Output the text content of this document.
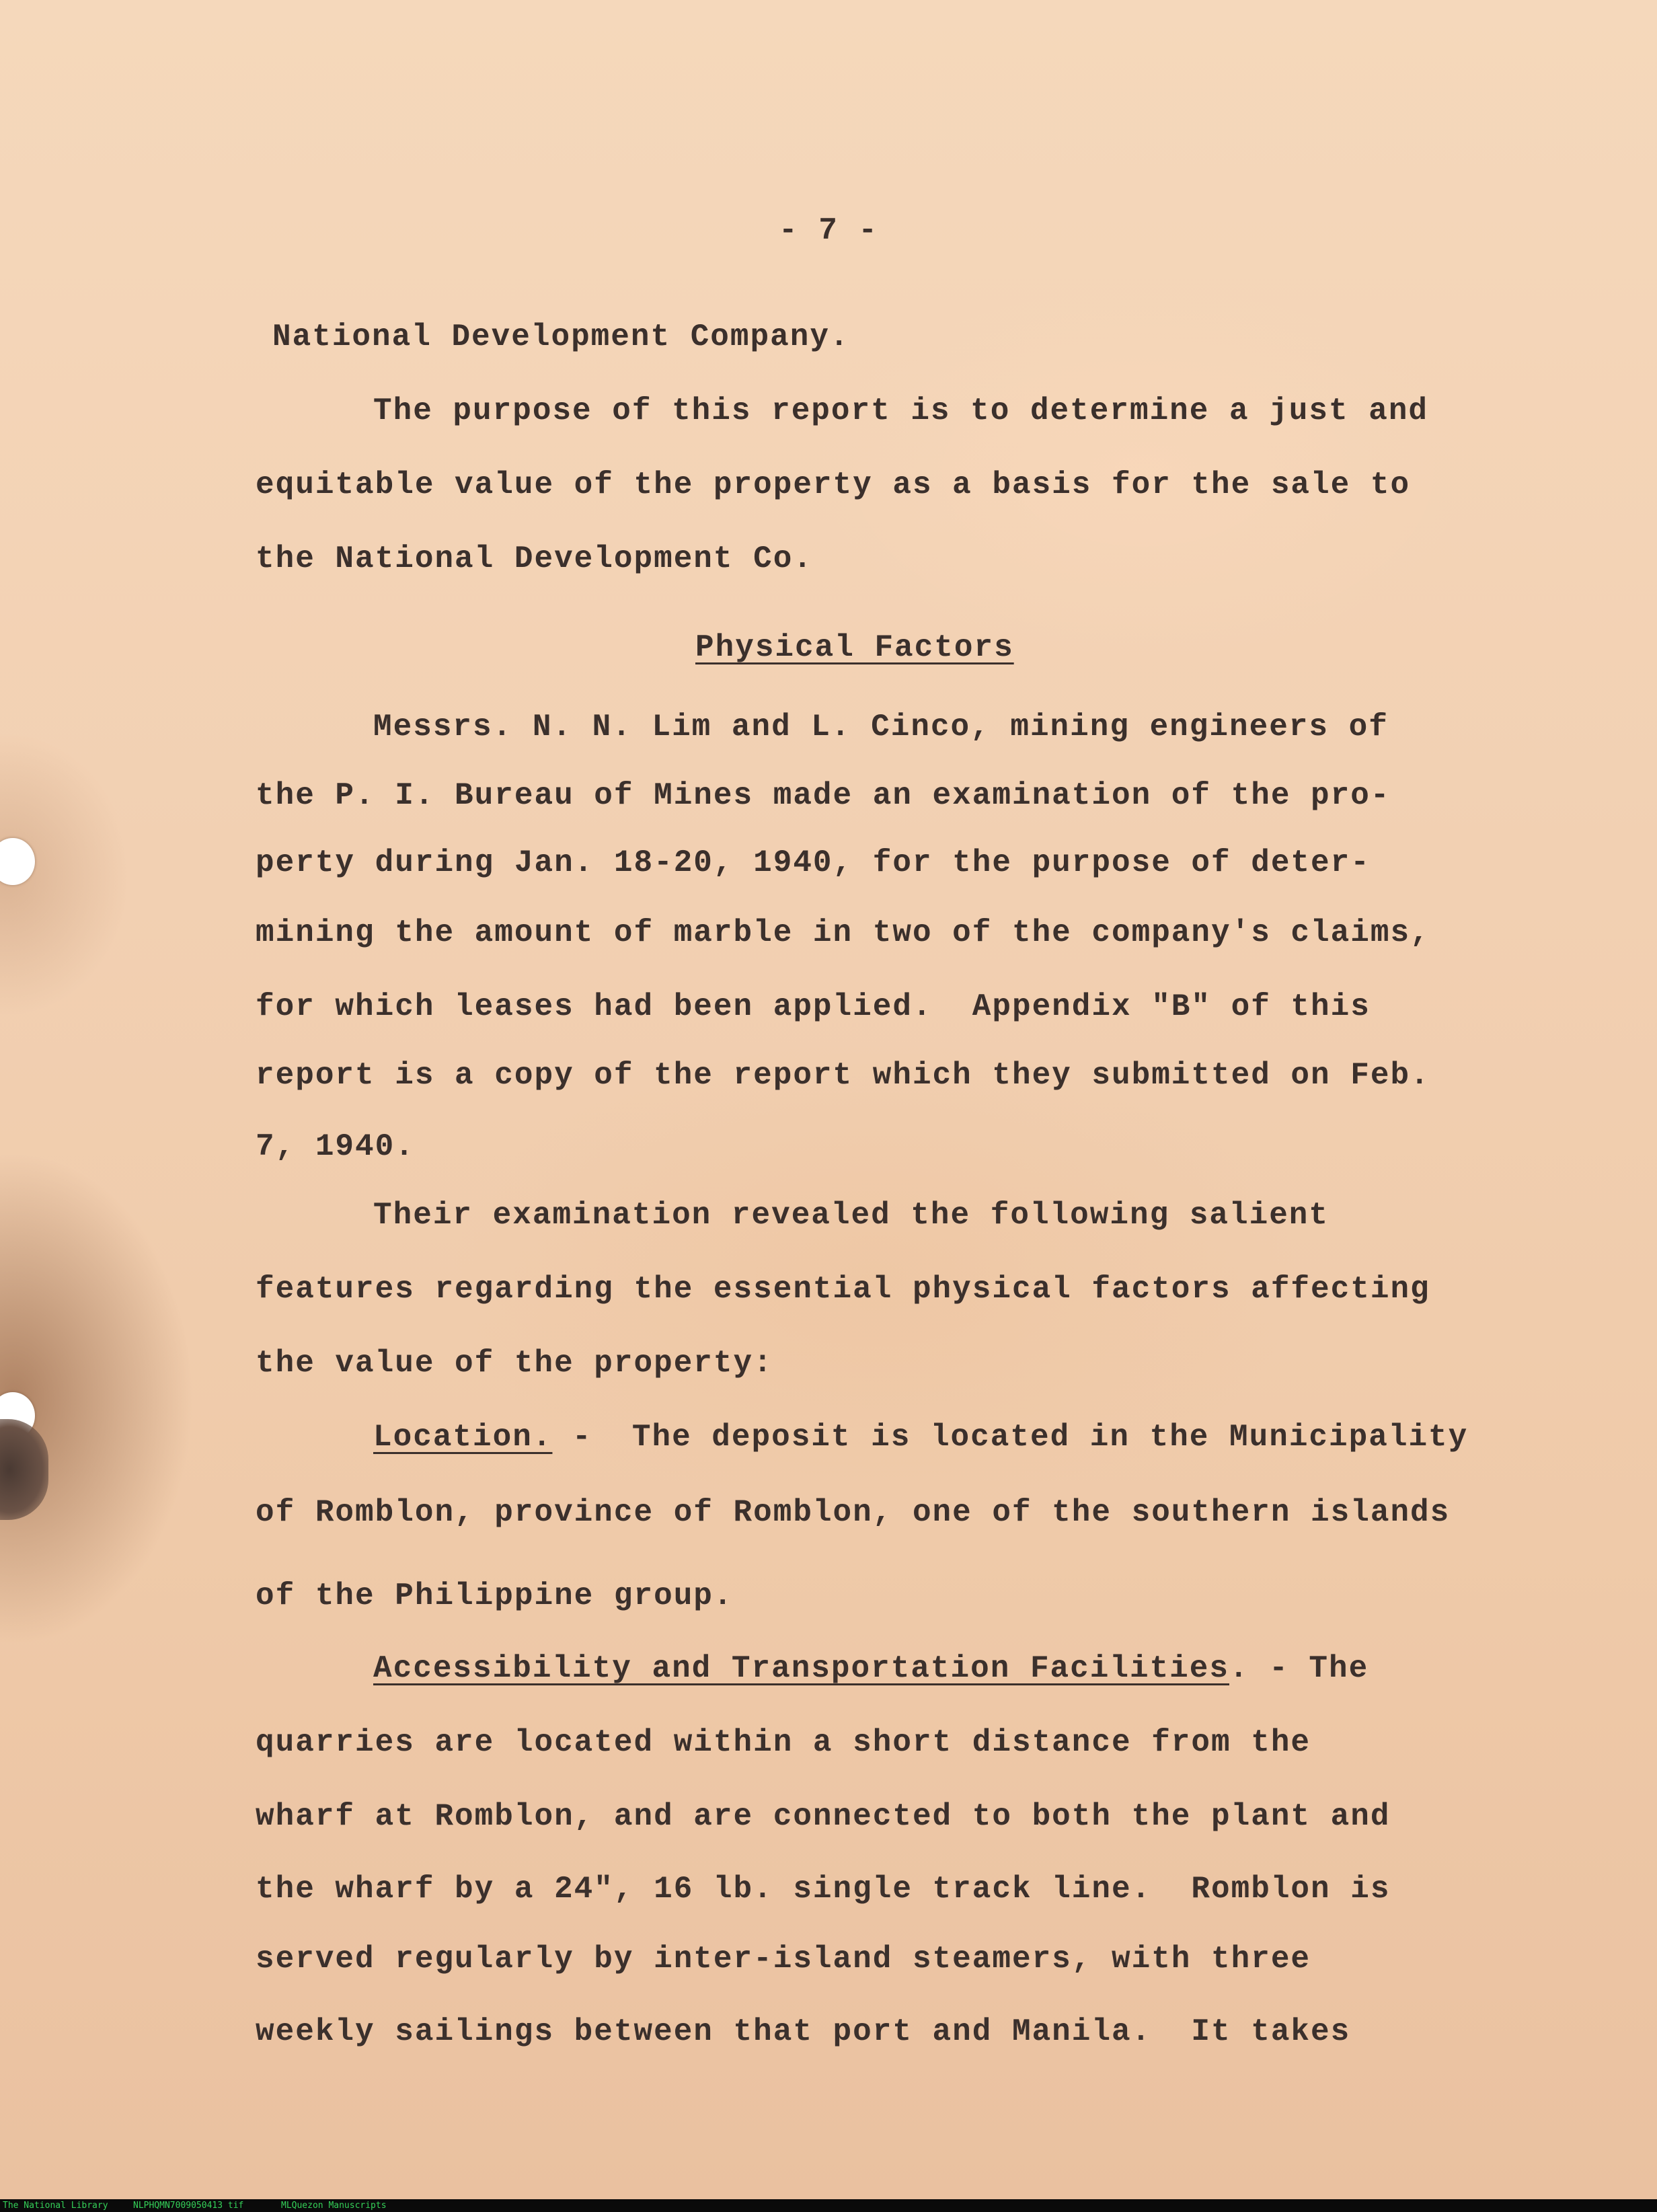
- 7 -
National Development Company.
The purpose of this report is to determine a just and
equitable value of the property as a basis for the sale to
the National Development Co.
Physical Factors
Messrs. N. N. Lim and L. Cinco, mining engineers of
the P. I. Bureau of Mines made an examination of the pro-
perty during Jan. 18-20, 1940, for the purpose of deter-
mining the amount of marble in two of the company's claims,
for which leases had been applied.  Appendix "B" of this
report is a copy of the report which they submitted on Feb.
7, 1940.
Their examination revealed the following salient
features regarding the essential physical factors affecting
the value of the property:
Location. -  The deposit is located in the Municipality
of Romblon, province of Romblon, one of the southern islands
of the Philippine group.
Accessibility and Transportation Facilities. - The
quarries are located within a short distance from the
wharf at Romblon, and are connected to both the plant and
the wharf by a 24", 16 lb. single track line.  Romblon is
served regularly by inter-island steamers, with three
weekly sailings between that port and Manila.  It takes
The National Library	NLPHQMN7009050413 tif	MLQuezon Manuscripts
